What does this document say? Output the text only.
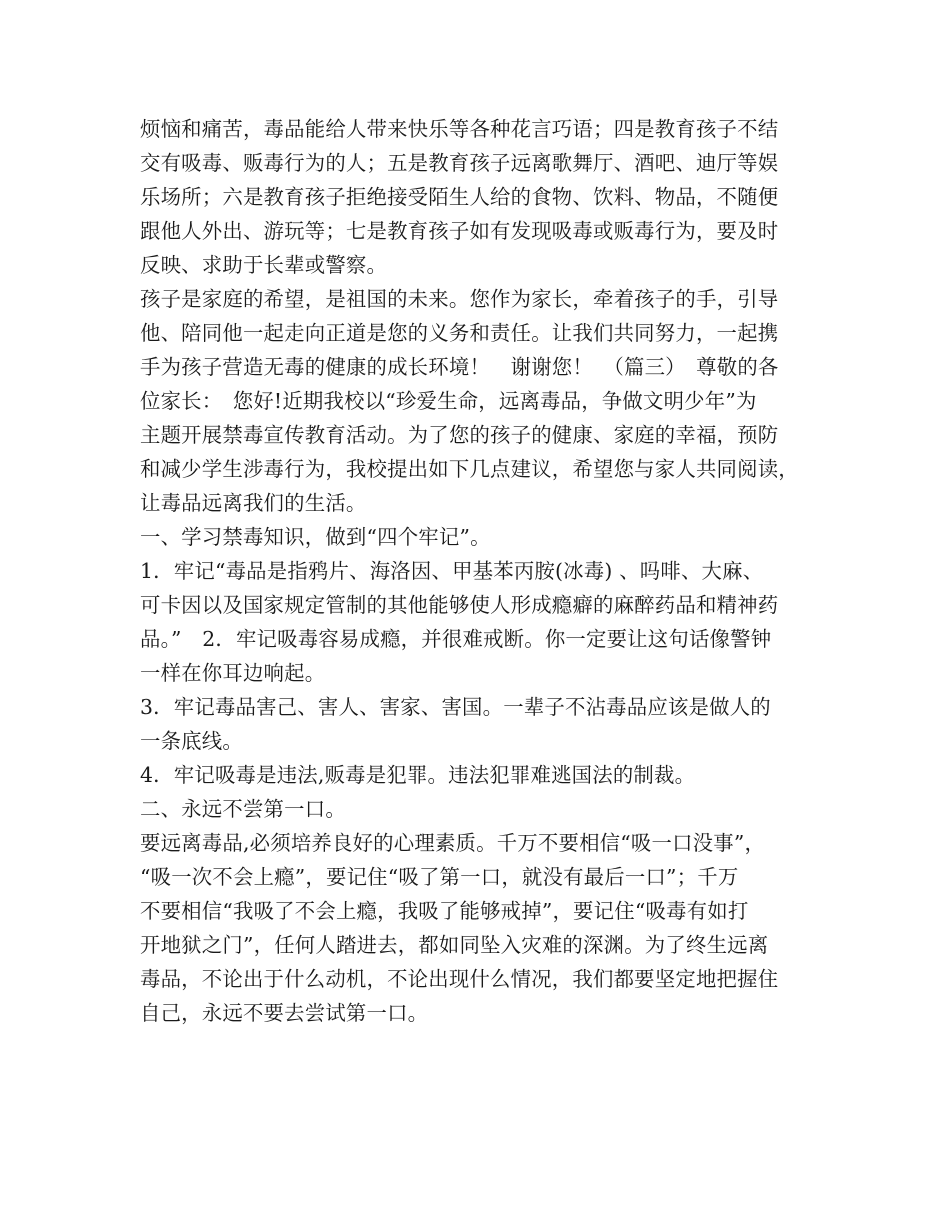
烦恼和痛苦，毒品能给人带来快乐等各种花言巧语；四是教育孩子不结
交有吸毒、贩毒行为的人；五是教育孩子远离歌舞厅、酒吧、迪厅等娱
乐场所；六是教育孩子拒绝接受陌生人给的食物、饮料、物品，不随便
跟他人外出、游玩等；七是教育孩子如有发现吸毒或贩毒行为，要及时
反映、求助于长辈或警察。
孩子是家庭的希望，是祖国的未来。您作为家长，牵着孩子的手，引导
他、陪同他一起走向正道是您的义务和责任。让我们共同努力，一起携
手为孩子营造无毒的健康的成长环境！　谢谢您！　（篇三）　尊敬的各
位家长：　您好!近期我校以“珍爱生命，远离毒品，争做文明少年”为
主题开展禁毒宣传教育活动。为了您的孩子的健康、家庭的幸福，预防
和减少学生涉毒行为，我校提出如下几点建议，希望您与家人共同阅读，
让毒品远离我们的生活。
一、学习禁毒知识，做到“四个牢记”。
1．牢记“毒品是指鸦片、海洛因、甲基苯丙胺(冰毒) 、吗啡、大麻、
可卡因以及国家规定管制的其他能够使人形成瘾癖的麻醉药品和精神药
品。”　2．牢记吸毒容易成瘾，并很难戒断。你一定要让这句话像警钟
一样在你耳边响起。
3．牢记毒品害己、害人、害家、害国。一辈子不沾毒品应该是做人的
一条底线。
4．牢记吸毒是违法,贩毒是犯罪。违法犯罪难逃国法的制裁。
二、永远不尝第一口。
要远离毒品,必须培养良好的心理素质。千万不要相信“吸一口没事”，
“吸一次不会上瘾”，要记住“吸了第一口，就没有最后一口”；千万
不要相信“我吸了不会上瘾，我吸了能够戒掉”，要记住“吸毒有如打
开地狱之门”，任何人踏进去，都如同坠入灾难的深渊。为了终生远离
毒品，不论出于什么动机，不论出现什么情况，我们都要坚定地把握住
自己，永远不要去尝试第一口。
